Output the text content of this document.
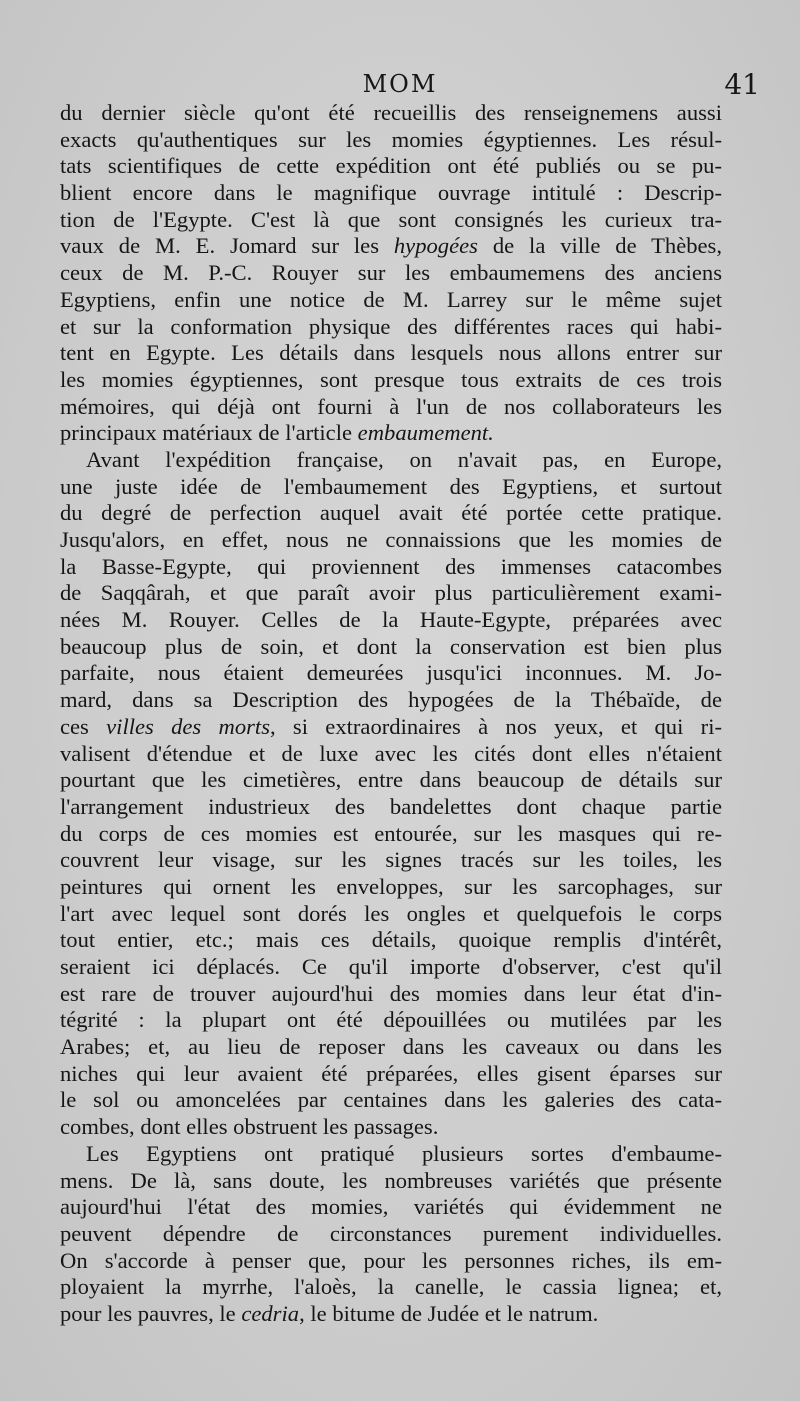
MOM	41
du dernier siècle qu'ont été recueillis des renseignemens aussi
exacts qu'authentiques sur les momies égyptiennes. Les résul-
tats scientifiques de cette expédition ont été publiés ou se pu-
blient encore dans le magnifique ouvrage intitulé : Descrip-
tion de l'Egypte. C'est là que sont consignés les curieux tra-
vaux de M. E. Jomard sur les hypogées de la ville de Thèbes,
ceux de M. P.-C. Rouyer sur les embaumemens des anciens
Egyptiens, enfin une notice de M. Larrey sur le même sujet
et sur la conformation physique des différentes races qui habi-
tent en Egypte. Les détails dans lesquels nous allons entrer sur
les momies égyptiennes, sont presque tous extraits de ces trois
mémoires, qui déjà ont fourni à l'un de nos collaborateurs les
principaux matériaux de l'article embaumement.
Avant l'expédition française, on n'avait pas, en Europe,
une juste idée de l'embaumement des Egyptiens, et surtout
du degré de perfection auquel avait été portée cette pratique.
Jusqu'alors, en effet, nous ne connaissions que les momies de
la Basse-Egypte, qui proviennent des immenses catacombes
de Saqqârah, et que paraît avoir plus particulièrement exami-
nées M. Rouyer. Celles de la Haute-Egypte, préparées avec
beaucoup plus de soin, et dont la conservation est bien plus
parfaite, nous étaient demeurées jusqu'ici inconnues. M. Jo-
mard, dans sa Description des hypogées de la Thébaïde, de
ces villes des morts, si extraordinaires à nos yeux, et qui ri-
valisent d'étendue et de luxe avec les cités dont elles n'étaient
pourtant que les cimetières, entre dans beaucoup de détails sur
l'arrangement industrieux des bandelettes dont chaque partie
du corps de ces momies est entourée, sur les masques qui re-
couvrent leur visage, sur les signes tracés sur les toiles, les
peintures qui ornent les enveloppes, sur les sarcophages, sur
l'art avec lequel sont dorés les ongles et quelquefois le corps
tout entier, etc.; mais ces détails, quoique remplis d'intérêt,
seraient ici déplacés. Ce qu'il importe d'observer, c'est qu'il
est rare de trouver aujourd'hui des momies dans leur état d'in-
tégrité : la plupart ont été dépouillées ou mutilées par les
Arabes; et, au lieu de reposer dans les caveaux ou dans les
niches qui leur avaient été préparées, elles gisent éparses sur
le sol ou amoncelées par centaines dans les galeries des cata-
combes, dont elles obstruent les passages.
Les Egyptiens ont pratiqué plusieurs sortes d'embaume-
mens. De là, sans doute, les nombreuses variétés que présente
aujourd'hui l'état des momies, variétés qui évidemment ne
peuvent dépendre de circonstances purement individuelles.
On s'accorde à penser que, pour les personnes riches, ils em-
ployaient la myrrhe, l'aloès, la canelle, le cassia lignea; et,
pour les pauvres, le cedria, le bitume de Judée et le natrum.
